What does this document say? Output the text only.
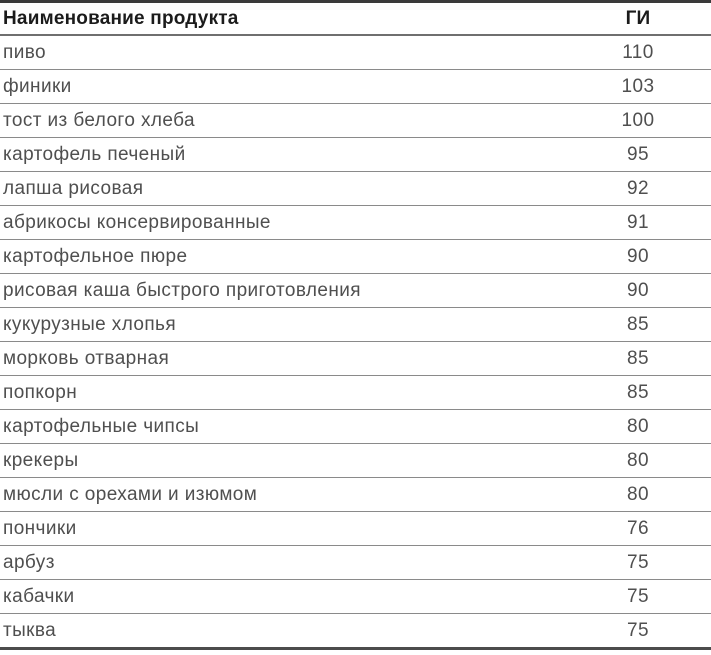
Наименование продукта	ГИ
пиво	110
финики	103
тост из белого хлеба	100
картофель печеный	95
лапша рисовая	92
абрикосы консервированные	91
картофельное пюре	90
рисовая каша быстрого приготовления	90
кукурузные хлопья	85
морковь отварная	85
попкорн	85
картофельные чипсы	80
крекеры	80
мюсли с орехами и изюмом	80
пончики	76
арбуз	75
кабачки	75
тыква	75
